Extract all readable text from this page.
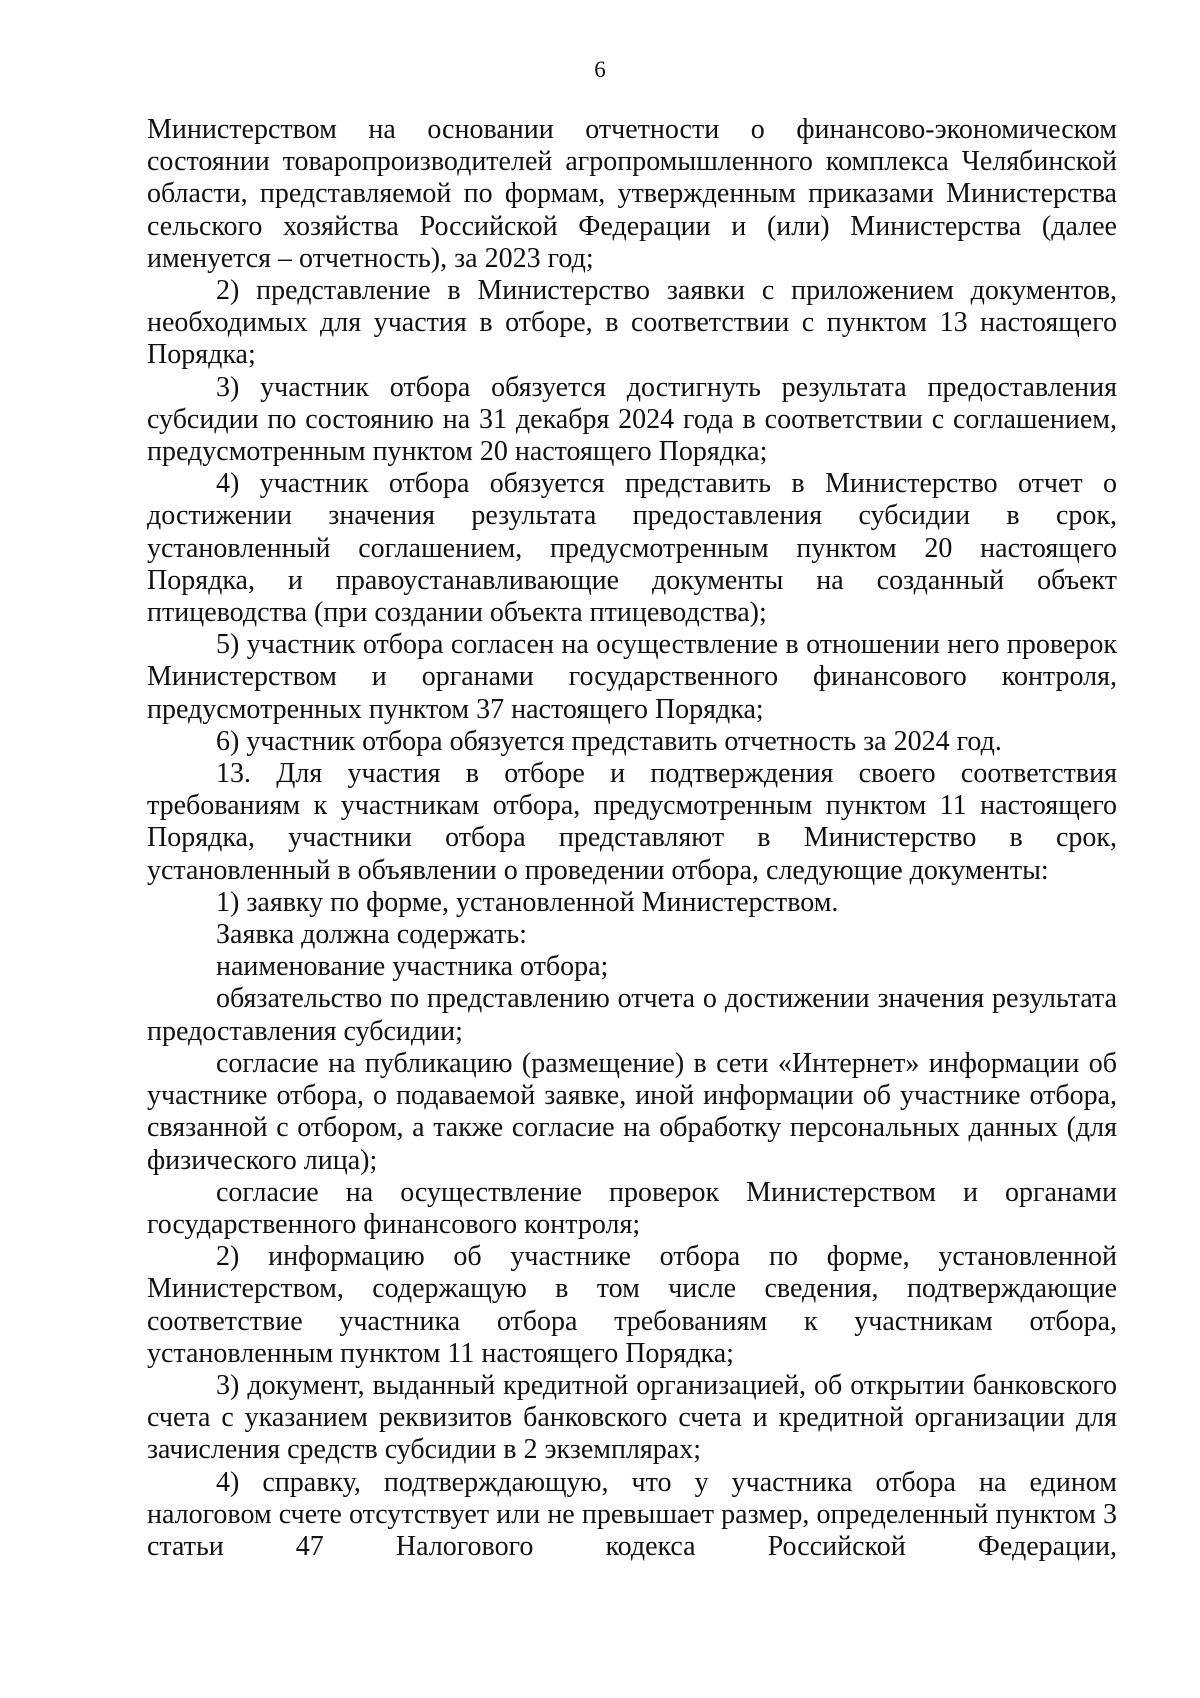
6

Министерством на основании отчетности о финансово-экономическом состоянии товаропроизводителей агропромышленного комплекса Челябинской области, представляемой по формам, утвержденным приказами Министерства сельского хозяйства Российской Федерации и (или) Министерства (далее именуется – отчетность), за 2023 год;

2) представление в Министерство заявки с приложением документов, необходимых для участия в отборе, в соответствии с пунктом 13 настоящего Порядка;

3) участник отбора обязуется достигнуть результата предоставления субсидии по состоянию на 31 декабря 2024 года в соответствии с соглашением, предусмотренным пунктом 20 настоящего Порядка;

4) участник отбора обязуется представить в Министерство отчет о достижении значения результата предоставления субсидии в срок, установленный соглашением, предусмотренным пунктом 20 настоящего Порядка, и правоустанавливающие документы на созданный объект птицеводства (при создании объекта птицеводства);

5) участник отбора согласен на осуществление в отношении него проверок Министерством и органами государственного финансового контроля, предусмотренных пунктом 37 настоящего Порядка;

6) участник отбора обязуется представить отчетность за 2024 год.

13. Для участия в отборе и подтверждения своего соответствия требованиям к участникам отбора, предусмотренным пунктом 11 настоящего Порядка, участники отбора представляют в Министерство в срок, установленный в объявлении о проведении отбора, следующие документы:

1) заявку по форме, установленной Министерством.

Заявка должна содержать:

наименование участника отбора;

обязательство по представлению отчета о достижении значения результата предоставления субсидии;

согласие на публикацию (размещение) в сети «Интернет» информации об участнике отбора, о подаваемой заявке, иной информации об участнике отбора, связанной с отбором, а также согласие на обработку персональных данных (для физического лица);

согласие на осуществление проверок Министерством и органами государственного финансового контроля;

2) информацию об участнике отбора по форме, установленной Министерством, содержащую в том числе сведения, подтверждающие соответствие участника отбора требованиям к участникам отбора, установленным пунктом 11 настоящего Порядка;

3) документ, выданный кредитной организацией, об открытии банковского счета с указанием реквизитов банковского счета и кредитной организации для зачисления средств субсидии в 2 экземплярах;

4) справку, подтверждающую, что у участника отбора на едином налоговом счете отсутствует или не превышает размер, определенный пунктом 3 статьи 47 Налогового кодекса Российской Федерации,
